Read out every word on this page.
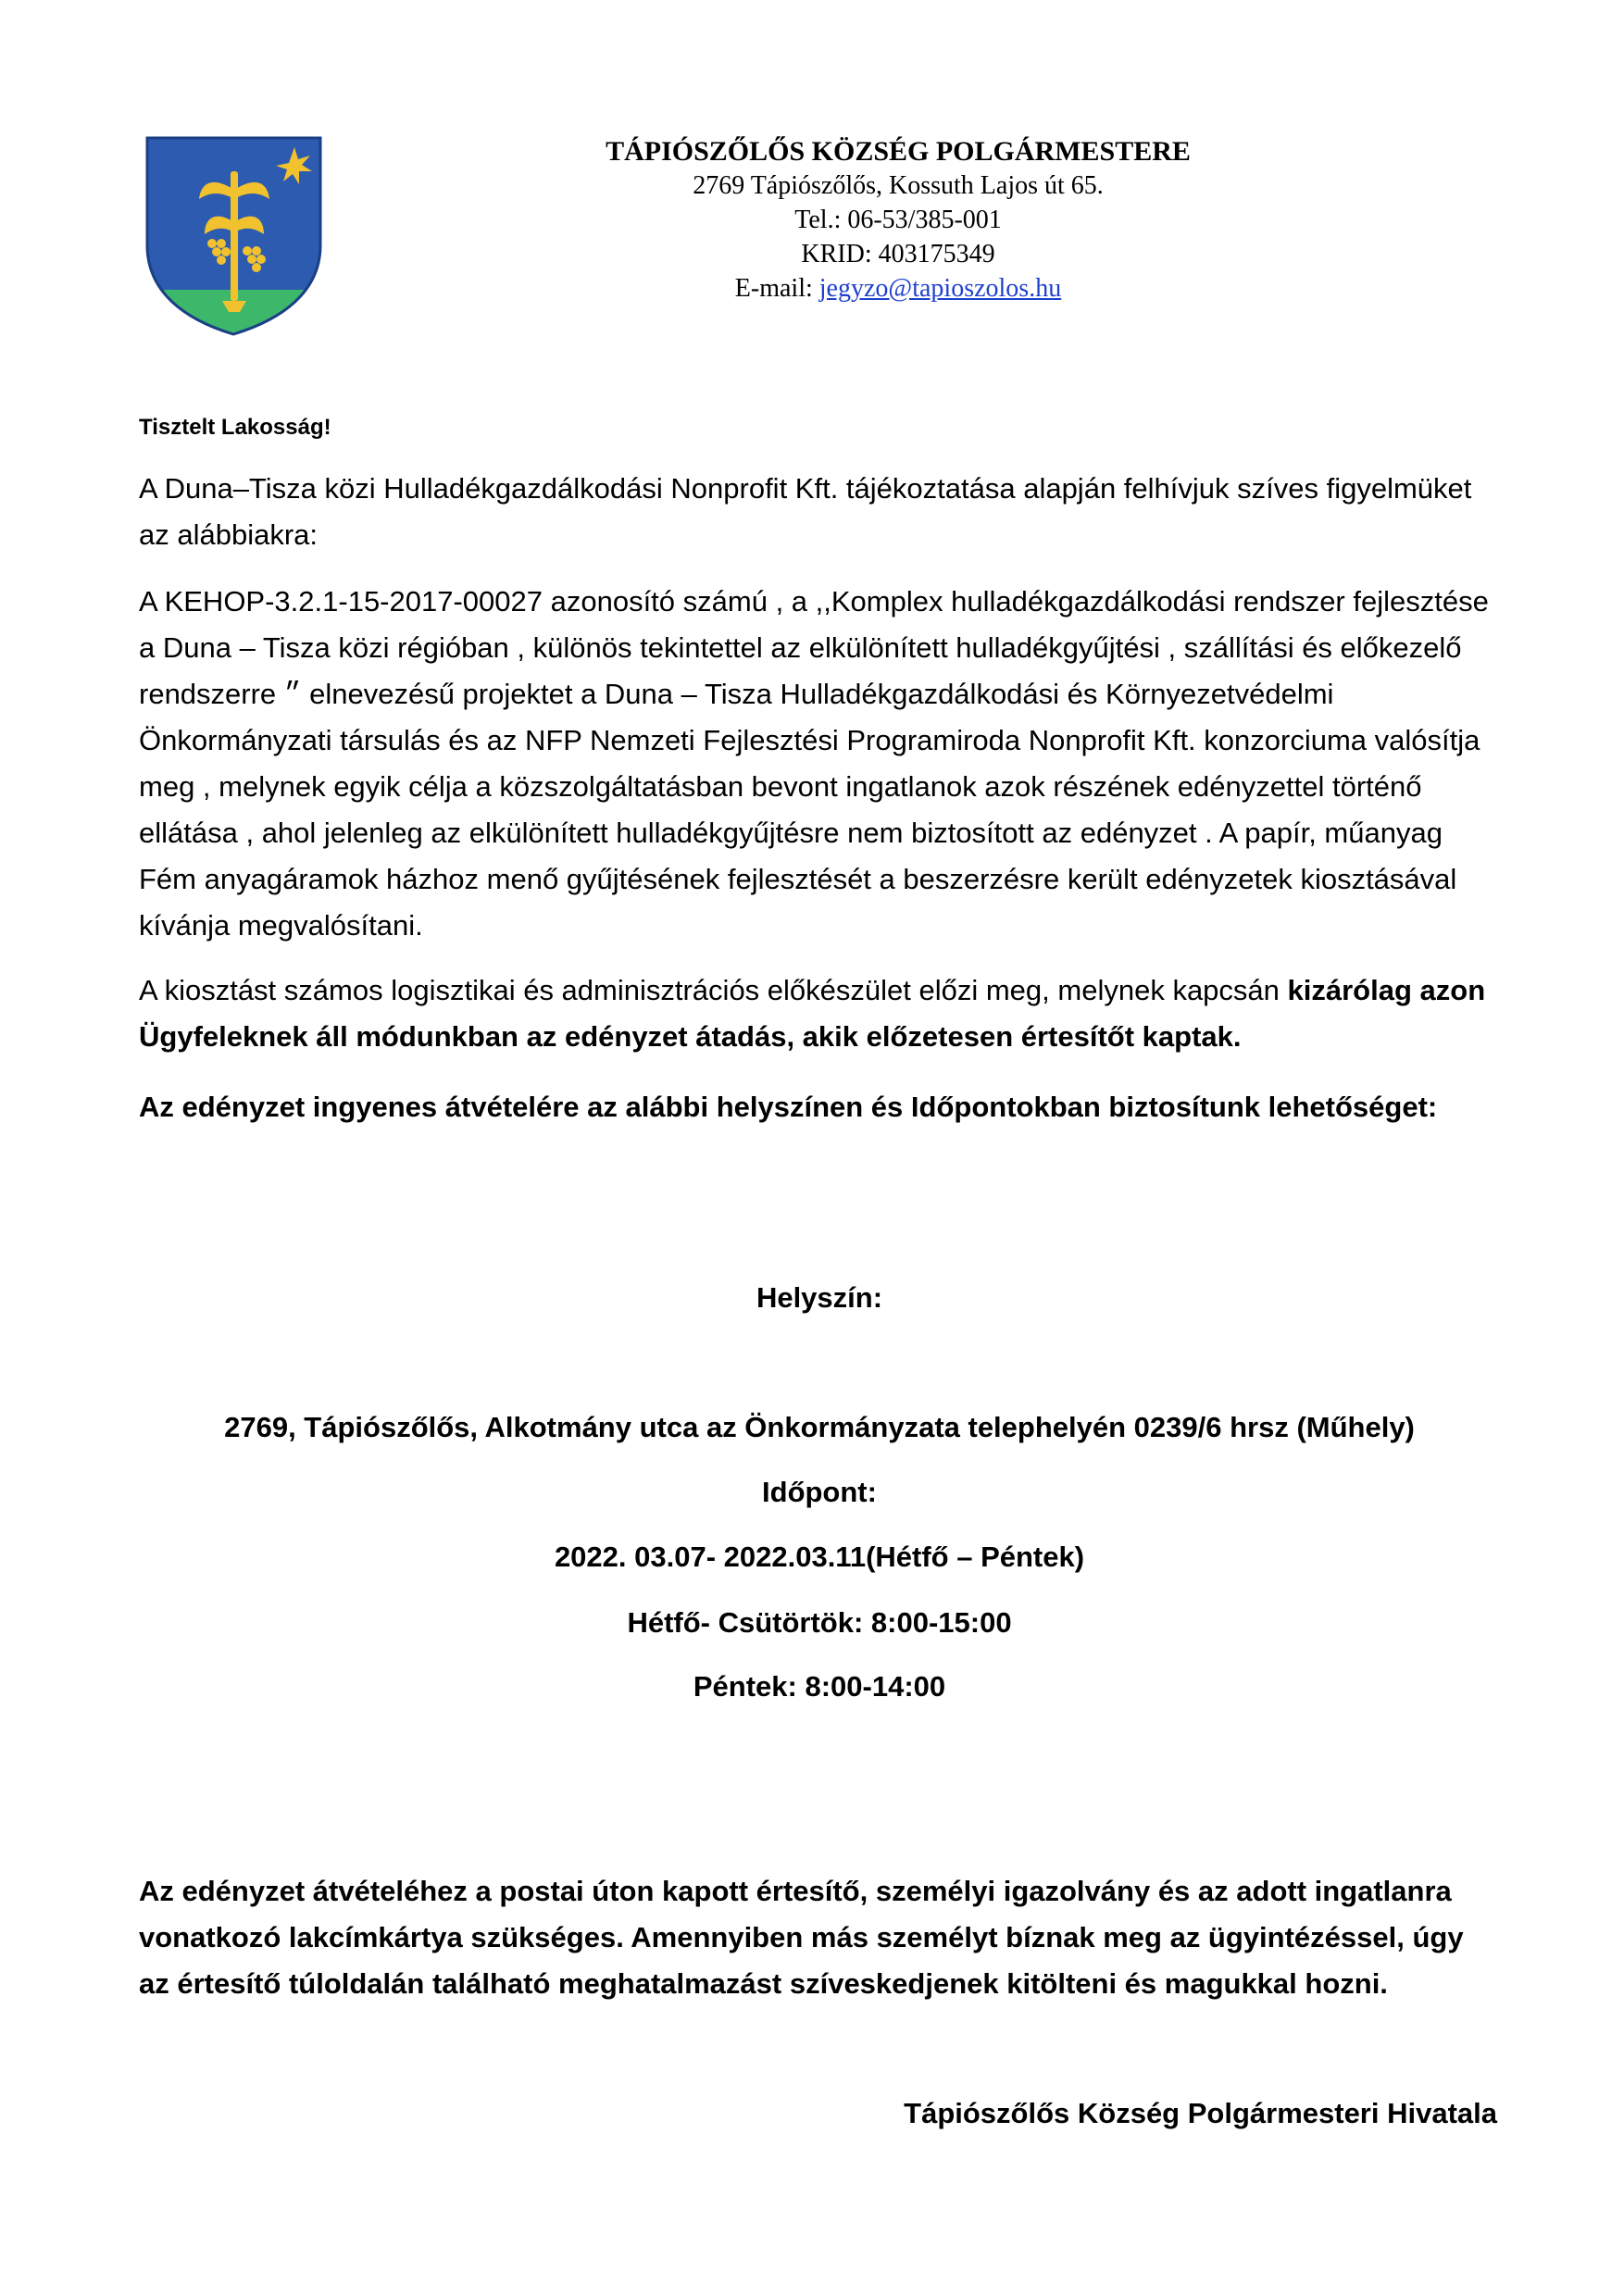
TÁPIÓSZŐLŐS KÖZSÉG POLGÁRMESTERE
2769 Tápiószőlős, Kossuth Lajos út 65.
Tel.: 06-53/385-001
KRID: 403175349
E-mail: jegyzo@tapioszolos.hu
Tisztelt Lakosság!

A Duna–Tisza közi Hulladékgazdálkodási Nonprofit Kft. tájékoztatása alapján felhívjuk szíves figyelmüket az alábbiakra:

A KEHOP-3.2.1-15-2017-00027 azonosító számú , a ,,Komplex hulladékgazdálkodási rendszer fejlesztése a Duna – Tisza közi régióban , különös tekintettel az elkülönített hulladékgyűjtési , szállítási és előkezelő rendszerre ״ elnevezésű projektet a Duna – Tisza Hulladékgazdálkodási és Környezetvédelmi Önkormányzati társulás és az NFP Nemzeti Fejlesztési Programiroda Nonprofit Kft. konzorciuma valósítja meg , melynek egyik célja a közszolgáltatásban bevont ingatlanok azok részének edényzettel történő ellátása , ahol jelenleg az elkülönített hulladékgyűjtésre nem biztosított az edényzet . A papír, műanyag Fém anyagáramok házhoz menő gyűjtésének fejlesztését a beszerzésre került edényzetek kiosztásával kívánja megvalósítani.

A kiosztást számos logisztikai és adminisztrációs előkészület előzi meg, melynek kapcsán kizárólag azon Ügyfeleknek áll módunkban az edényzet átadás, akik előzetesen értesítőt kaptak.

Az edényzet ingyenes átvételére az alábbi helyszínen és Időpontokban biztosítunk lehetőséget:

Helyszín:
2769, Tápiószőlős, Alkotmány utca az Önkormányzata telephelyén 0239/6 hrsz (Műhely)
Időpont:
2022. 03.07- 2022.03.11(Hétfő – Péntek)
Hétfő- Csütörtök: 8:00-15:00
Péntek: 8:00-14:00

Az edényzet átvételéhez a postai úton kapott értesítő, személyi igazolvány és az adott ingatlanra vonatkozó lakcímkártya szükséges. Amennyiben más személyt bíznak meg az ügyintézéssel, úgy az értesítő túloldalán található meghatalmazást szíveskedjenek kitölteni és magukkal hozni.

Tápiószőlős Község Polgármesteri Hivatala
